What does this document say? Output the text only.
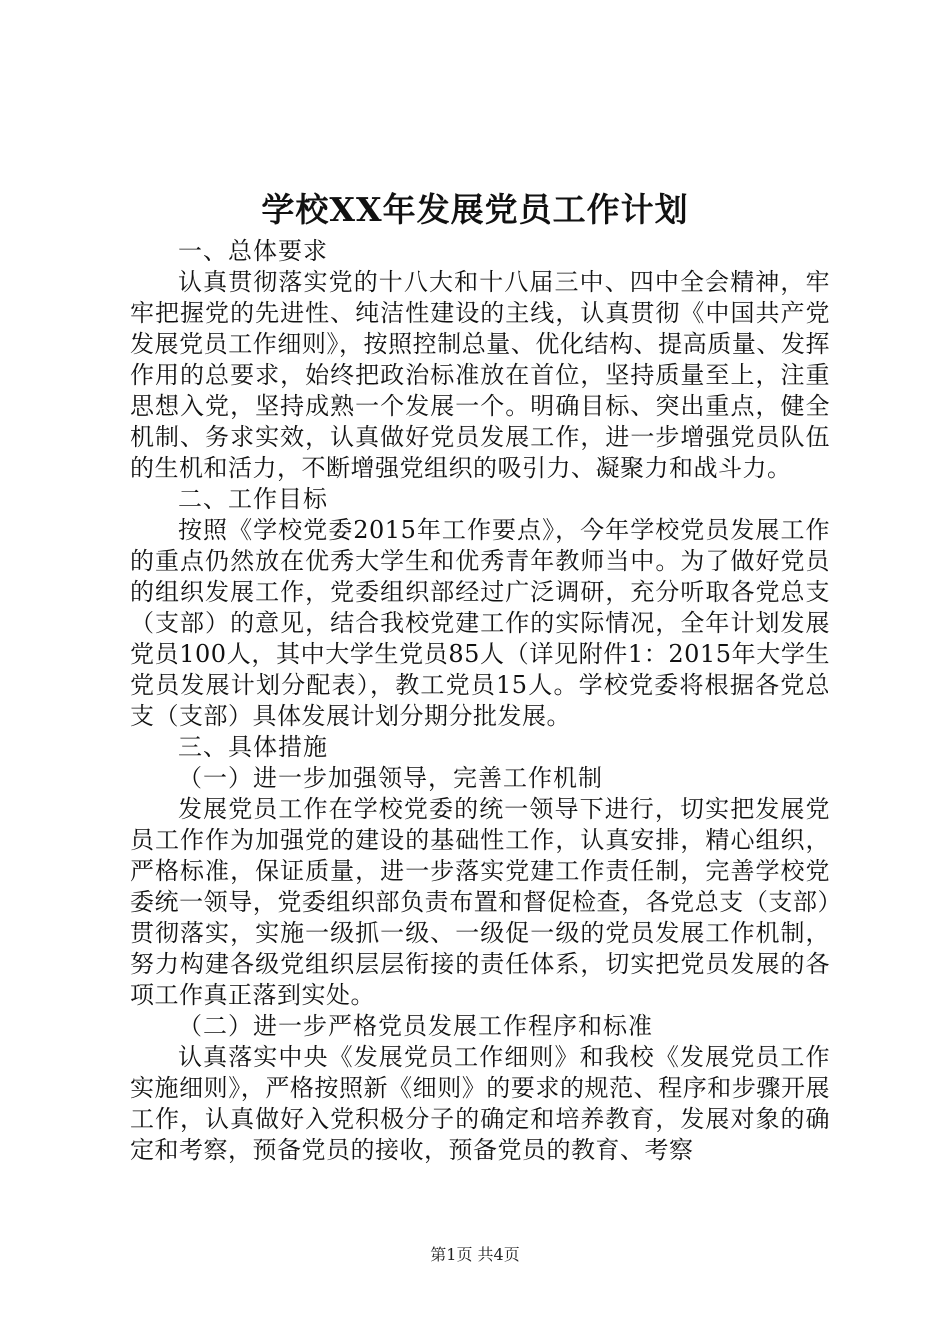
学校XX年发展党员工作计划

一、总体要求

认真贯彻落实党的十八大和十八届三中、四中全会精神，牢牢把握党的先进性、纯洁性建设的主线，认真贯彻《中国共产党发展党员工作细则》，按照控制总量、优化结构、提高质量、发挥作用的总要求，始终把政治标准放在首位，坚持质量至上，注重思想入党，坚持成熟一个发展一个。明确目标、突出重点，健全机制、务求实效，认真做好党员发展工作，进一步增强党员队伍的生机和活力，不断增强党组织的吸引力、凝聚力和战斗力。

二、工作目标

按照《学校党委2015年工作要点》，今年学校党员发展工作的重点仍然放在优秀大学生和优秀青年教师当中。为了做好党员的组织发展工作，党委组织部经过广泛调研，充分听取各党总支（支部）的意见，结合我校党建工作的实际情况，全年计划发展党员100人，其中大学生党员85人（详见附件1：2015年大学生党员发展计划分配表），教工党员15人。学校党委将根据各党总支（支部）具体发展计划分期分批发展。

三、具体措施

（一）进一步加强领导，完善工作机制

发展党员工作在学校党委的统一领导下进行，切实把发展党员工作作为加强党的建设的基础性工作，认真安排，精心组织，严格标准，保证质量，进一步落实党建工作责任制，完善学校党委统一领导，党委组织部负责布置和督促检查，各党总支（支部）贯彻落实，实施一级抓一级、一级促一级的党员发展工作机制，努力构建各级党组织层层衔接的责任体系，切实把党员发展的各项工作真正落到实处。

（二）进一步严格党员发展工作程序和标准

认真落实中央《发展党员工作细则》和我校《发展党员工作实施细则》，严格按照新《细则》的要求的规范、程序和步骤开展工作，认真做好入党积极分子的确定和培养教育，发展对象的确定和考察，预备党员的接收，预备党员的教育、考察

第1页 共4页
